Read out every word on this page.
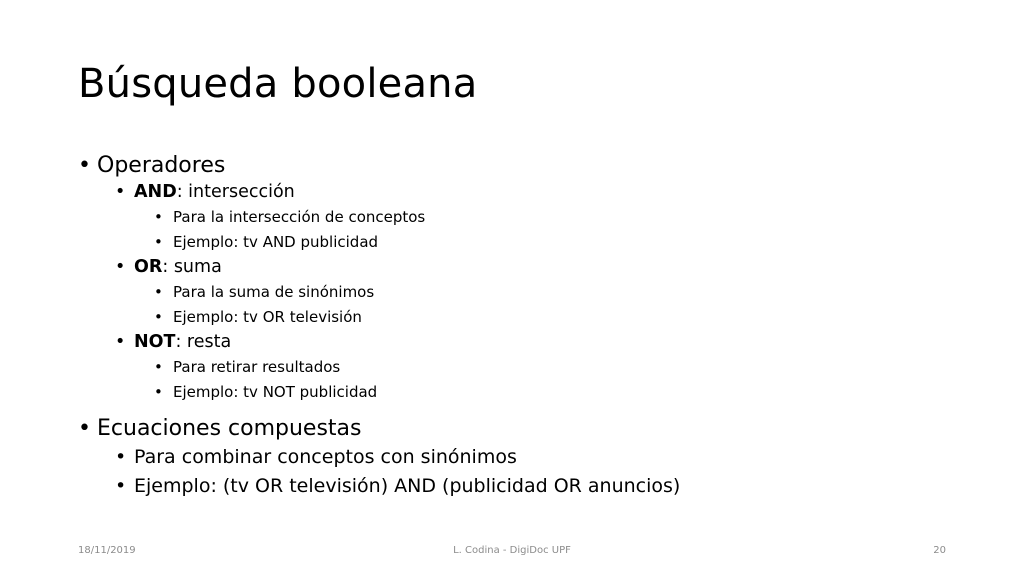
Búsqueda booleana
• Operadores
• AND: intersección
• Para la intersección de conceptos
• Ejemplo: tv AND publicidad
• OR: suma
• Para la suma de sinónimos
• Ejemplo: tv OR televisión
• NOT: resta
• Para retirar resultados
• Ejemplo: tv NOT publicidad
• Ecuaciones compuestas
• Para combinar conceptos con sinónimos
• Ejemplo: (tv OR televisión) AND (publicidad OR anuncios)
L. Codina - DigiDoc UPF
18/11/2019	20
